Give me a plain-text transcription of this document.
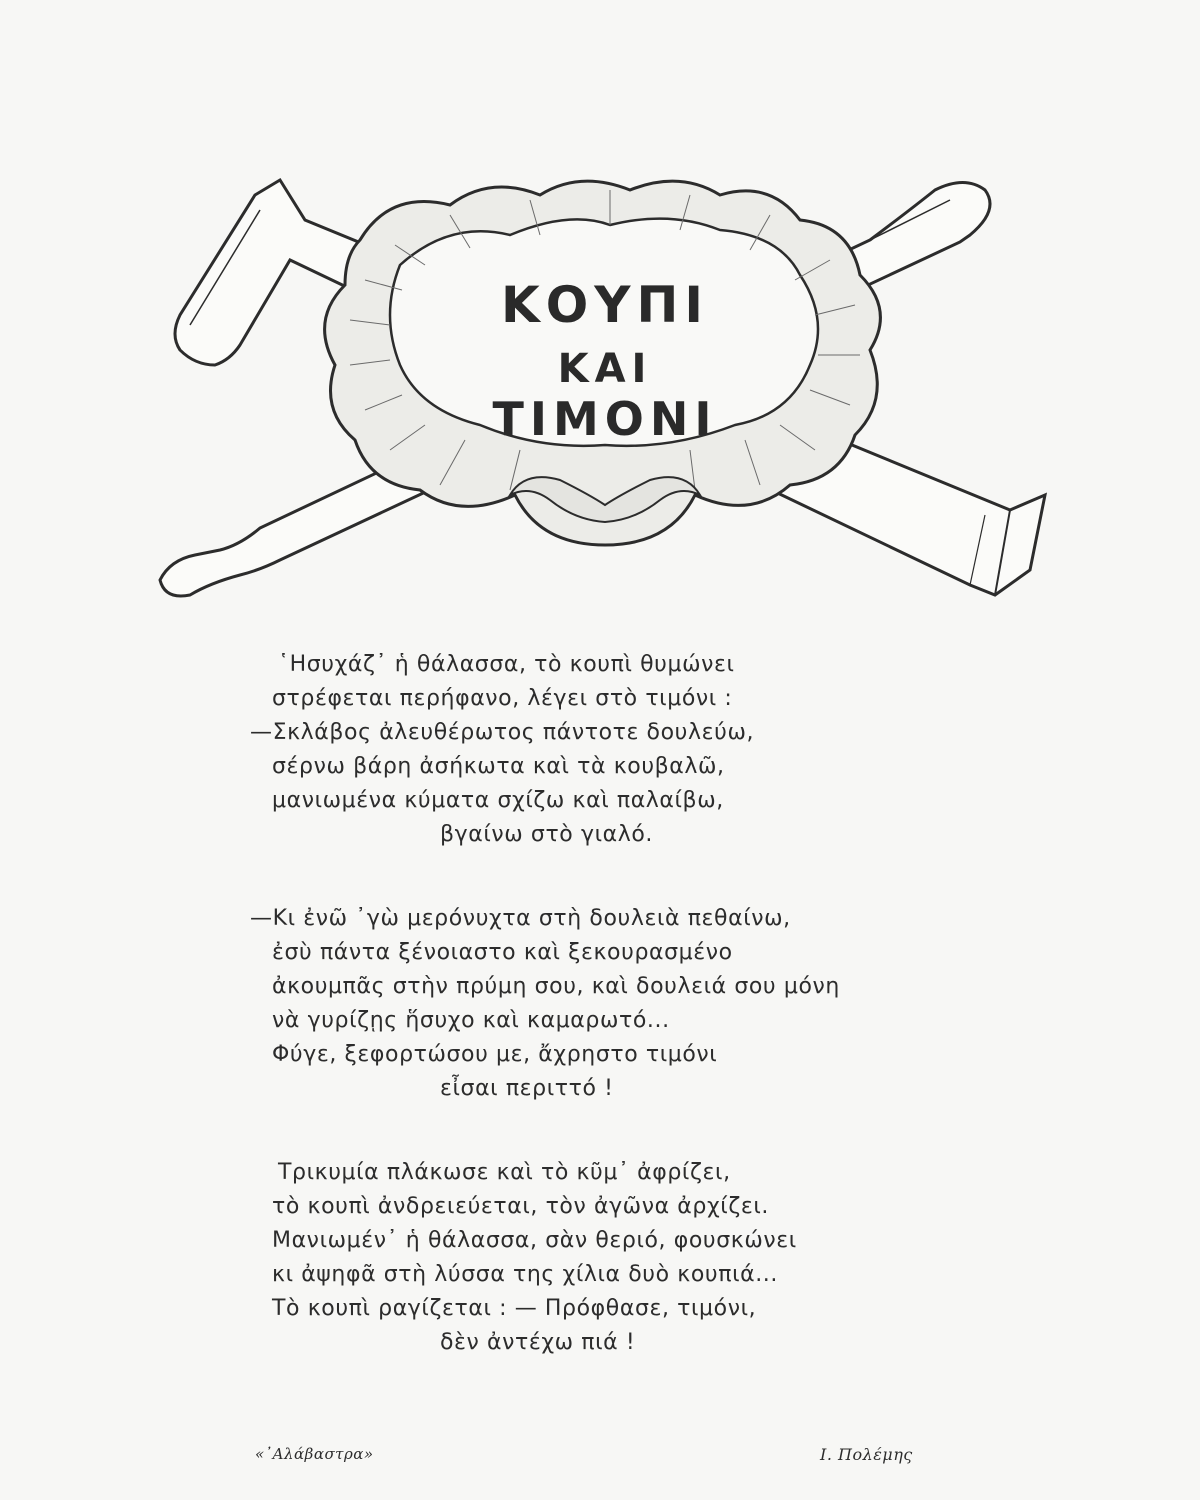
ΚΟΥΠΙ
ΚΑΙ
ΤΙΜΟΝΙ
῾Ησυχάζ᾿ ἡ θάλασσα, τὸ κουπὶ θυμώνει
στρέφεται περήφανο, λέγει στὸ τιμόνι :
—Σκλάβος ἀλευθέρωτος πάντοτε δουλεύω,
σέρνω βάρη ἀσήκωτα καὶ τὰ κουβαλῶ,
μανιωμένα κύματα σχίζω καὶ παλαίβω,
βγαίνω στὸ γιαλό.
—Κι ἐνῶ ᾿γὼ μερόνυχτα στὴ δουλειὰ πεθαίνω,
ἐσὺ πάντα ξένοιαστο καὶ ξεκουρασμένο
ἀκουμπᾶς στὴν πρύμη σου, καὶ δουλειά σου μόνη
νὰ γυρίζῃς ἥσυχο καὶ καμαρωτό...
Φύγε, ξεφορτώσου με, ἄχρηστο τιμόνι
εἶσαι περιττό !
Τρικυμία πλάκωσε καὶ τὸ κῦμ᾿ ἀφρίζει,
τὸ κουπὶ ἀνδρειεύεται, τὸν ἀγῶνα ἀρχίζει.
Μανιωμέν᾿ ἡ θάλασσα, σὰν θεριό, φουσκώνει
κι ἀψηφᾶ στὴ λύσσα της χίλια δυὸ κουπιά...
Τὸ κουπὶ ραγίζεται : — Πρόφθασε, τιμόνι,
δὲν ἀντέχω πιά !
«᾿Αλάβαστρα»	Ι. Πολέμης
